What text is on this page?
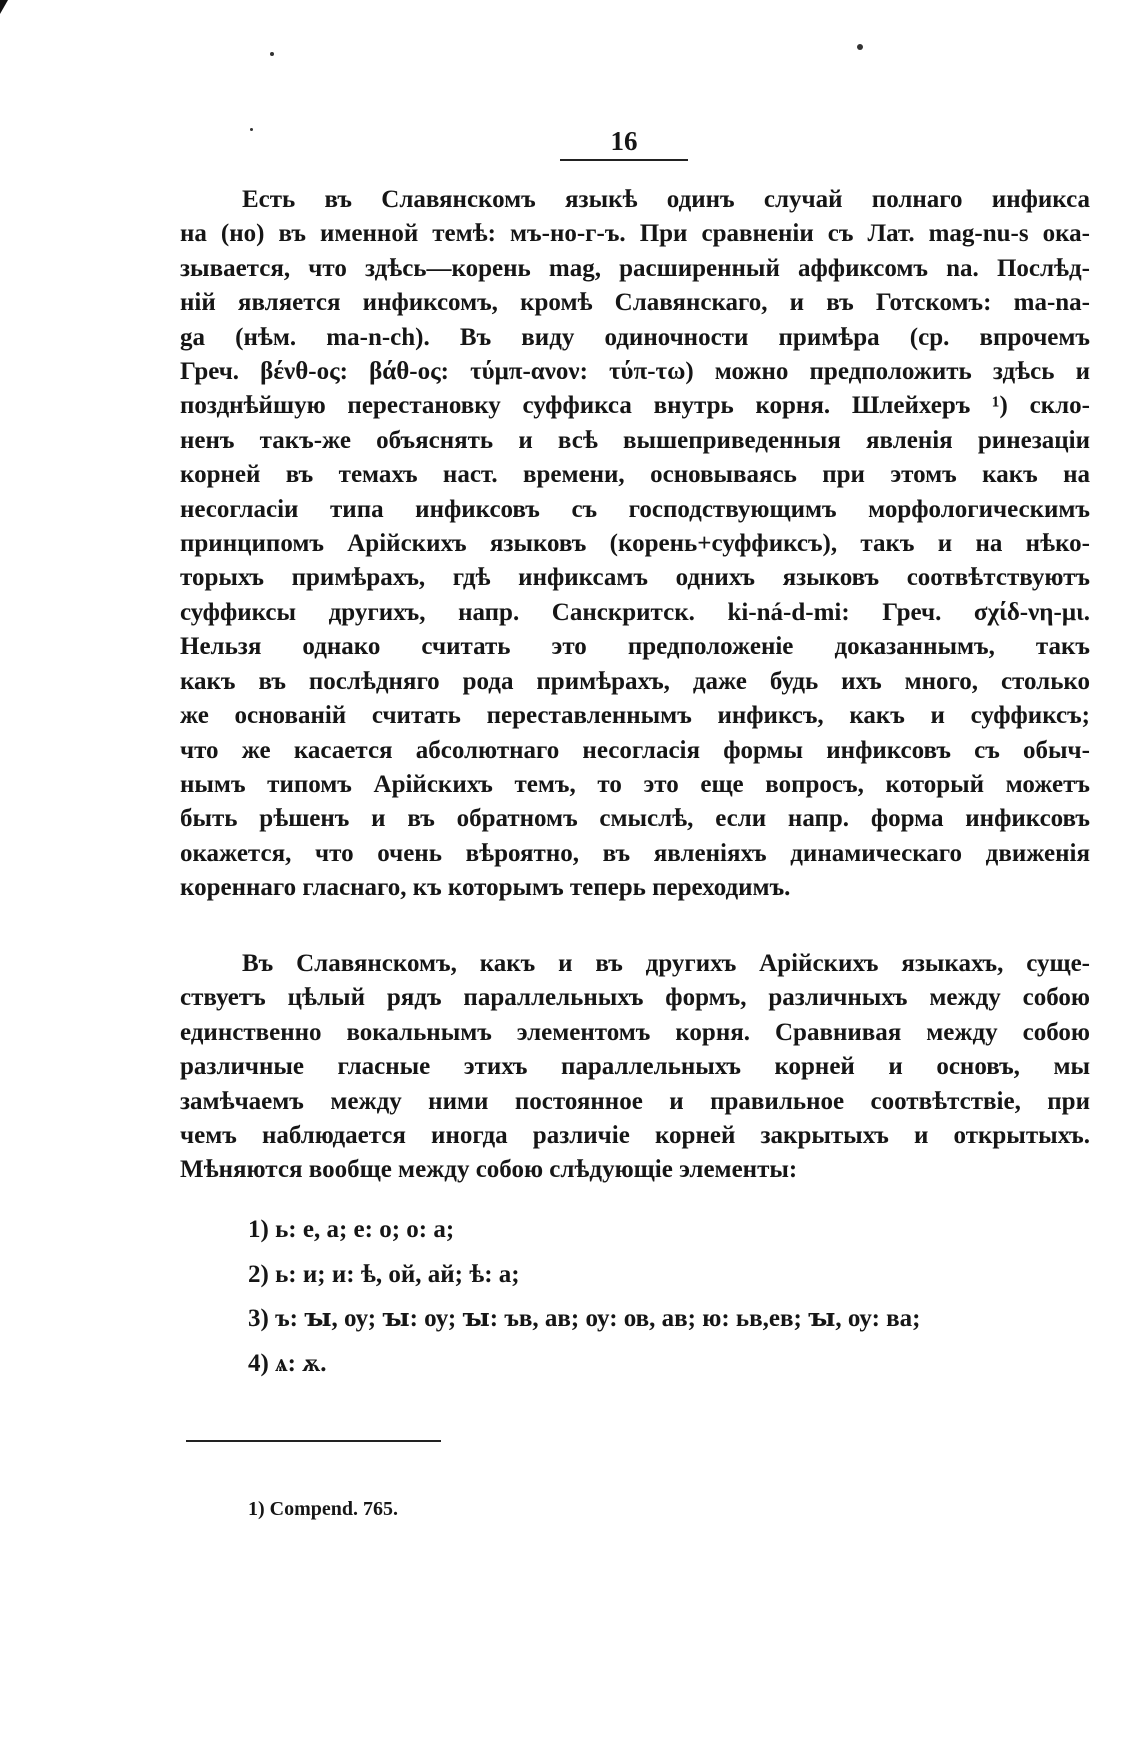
16

Есть въ Славянскомъ языкѣ одинъ случай полнаго инфикса
на (но) въ именной темѣ: мъ-но-г-ъ. При сравненіи съ Лат. mag-nu-s ока-
зывается, что здѣсь—корень mag, расширенный аффиксомъ na. Послѣд-
ній является инфиксомъ, кромѣ Славянскаго, и въ Готскомъ: ma-na-
ga (нѣм. ma-n-ch). Въ виду одиночности примѣра (ср. впрочемъ
Греч. βένθ-ος: βάθ-ος: τύμπ-ανον: τύπ-τω) можно предположить здѣсь и
позднѣйшую перестановку суффикса внутрь корня. Шлейхеръ ¹) скло-
ненъ такъ-же объяснять и всѣ вышеприведенныя явленія ринезаціи
корней въ темахъ наст. времени, основываясь при этомъ какъ на
несогласіи типа инфиксовъ съ господствующимъ морфологическимъ
принципомъ Арійскихъ языковъ (корень+суффиксъ), такъ и на нѣко-
торыхъ примѣрахъ, гдѣ инфиксамъ однихъ языковъ соотвѣтствуютъ
суффиксы другихъ, напр. Санскритск. ki-ná-d-mi: Греч. σχίδ-νη-μι.
Нельзя однако считать это предположеніе доказаннымъ, такъ
какъ въ послѣдняго рода примѣрахъ, даже будь ихъ много, столько
же основаній считать переставленнымъ инфиксъ, какъ и суффиксъ;
что же касается абсолютнаго несогласія формы инфиксовъ съ обыч-
нымъ типомъ Арійскихъ темъ, то это еще вопросъ, который можетъ
быть рѣшенъ и въ обратномъ смыслѣ, если напр. форма инфиксовъ
окажется, что очень вѣроятно, въ явленіяхъ динамическаго движенія
кореннаго гласнаго, къ которымъ теперь переходимъ.

Въ Славянскомъ, какъ и въ другихъ Арійскихъ языкахъ, суще-
ствуетъ цѣлый рядъ параллельныхъ формъ, различныхъ между собою
единственно вокальнымъ элементомъ корня. Сравнивая между собою
различные гласные этихъ параллельныхъ корней и основъ, мы
замѣчаемъ между ними постоянное и правильное соотвѣтствіе, при
чемъ наблюдается иногда различіе корней закрытыхъ и открытыхъ.
Мѣняются вообще между собою слѣдующіе элементы:

1) ь: е, а; е: о; о: а;
2) ь: и; и: ѣ, ой, ай; ѣ: а;
3) ъ: ꙑ, оу; ꙑ: оу; ꙑ: ъв, ав; оу: ов, ав; ю: ьв,ев; ꙑ, оу: ва;
4) ѧ: ѫ.
1) Compend. 765.
